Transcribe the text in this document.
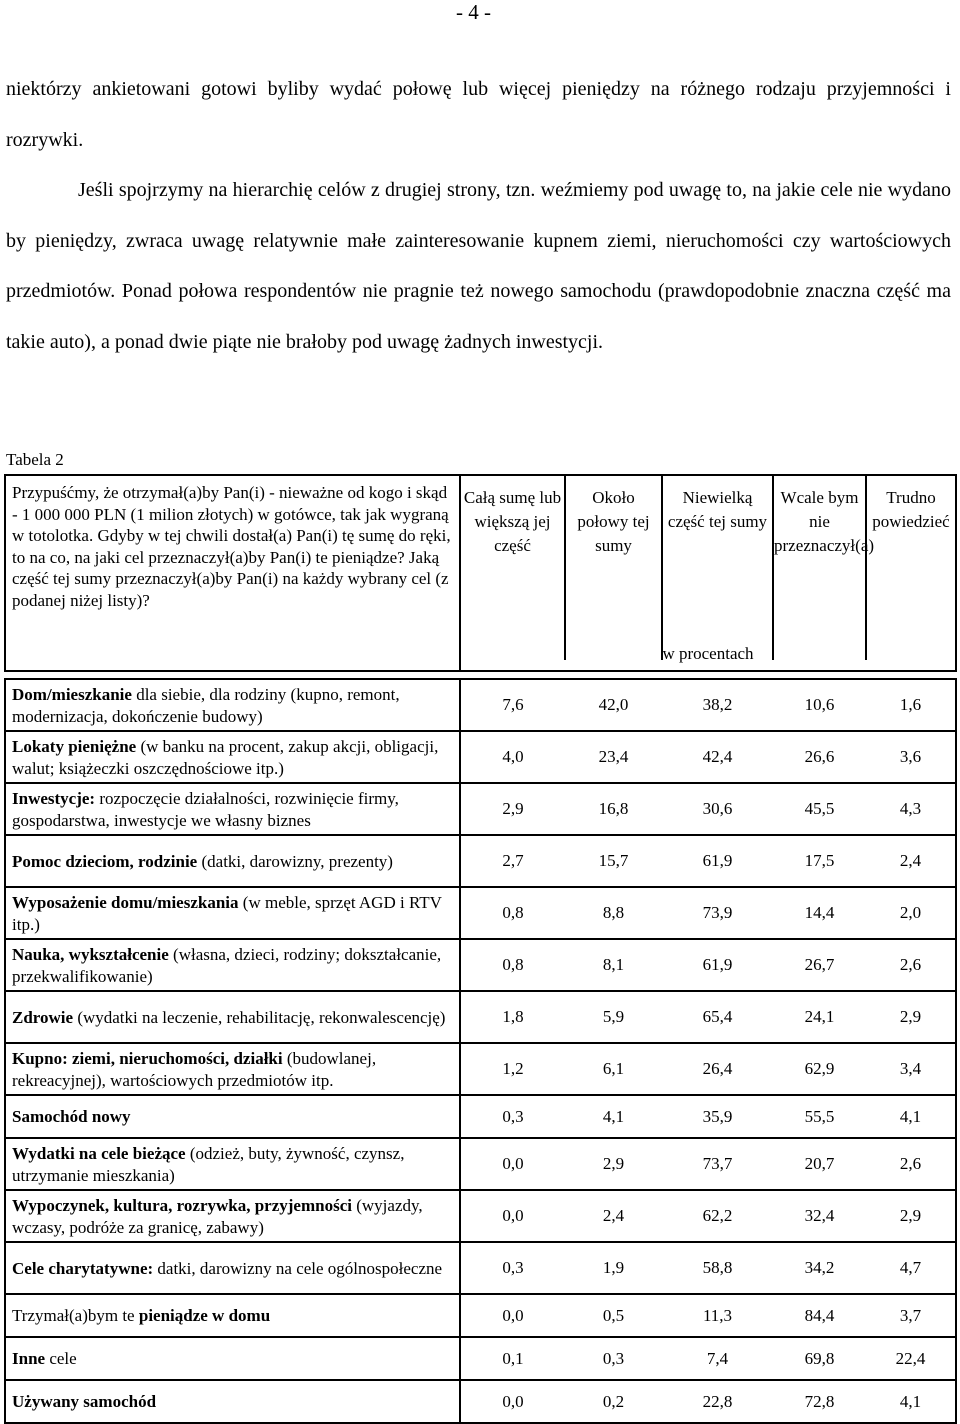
- 4 -

niektórzy ankietowani gotowi byliby wydać połowę lub więcej pieniędzy na różnego rodzaju przyjemności i rozrywki.

Jeśli spojrzymy na hierarchię celów z drugiej strony, tzn. weźmiemy pod uwagę to, na jakie cele nie wydano by pieniędzy, zwraca uwagę relatywnie małe zainteresowanie kupnem ziemi, nieruchomości czy wartościowych przedmiotów. Ponad połowa respondentów nie pragnie też nowego samochodu (prawdopodobnie znaczna część ma takie auto), a ponad dwie piąte nie brałoby pod uwagę żadnych inwestycji.

Tabela 2
Przypuśćmy, że otrzymał(a)by Pan(i) - nieważne od kogo i skąd - 1 000 000 PLN (1 milion złotych) w gotówce, tak jak wygraną w totolotka. Gdyby w tej chwili dostał(a) Pan(i) tę sumę do ręki, to na co, na jaki cel przeznaczył(a)by Pan(i) te pieniądze? Jaką część tej sumy przeznaczył(a)by Pan(i) na każdy wybrany cel (z podanej niżej listy)?	Całą sumę lub większą jej część	Około połowy tej sumy	Niewielką część tej sumy	Wcale bym nie przeznaczył(a)	Trudno powiedzieć

	w procentach				

Dom/mieszkanie dla siebie, dla rodziny (kupno, remont, modernizacja, dokończenie budowy)	7,6	42,0	38,2	10,6	1,6
Lokaty pieniężne (w banku na procent, zakup akcji, obligacji, walut; książeczki oszczędnościowe itp.)	4,0	23,4	42,4	26,6	3,6
Inwestycje: rozpoczęcie działalności, rozwinięcie firmy, gospodarstwa, inwestycje we własny biznes	2,9	16,8	30,6	45,5	4,3
Pomoc dzieciom, rodzinie (datki, darowizny, prezenty)	2,7	15,7	61,9	17,5	2,4
Wyposażenie domu/mieszkania (w meble, sprzęt AGD i RTV itp.)	0,8	8,8	73,9	14,4	2,0
Nauka, wykształcenie (własna, dzieci, rodziny; dokształcanie, przekwalifikowanie)	0,8	8,1	61,9	26,7	2,6
Zdrowie (wydatki na leczenie, rehabilitację, rekonwalescencję)	1,8	5,9	65,4	24,1	2,9
Kupno: ziemi, nieruchomości, działki (budowlanej, rekreacyjnej), wartościowych przedmiotów itp.	1,2	6,1	26,4	62,9	3,4
Samochód nowy	0,3	4,1	35,9	55,5	4,1
Wydatki na cele bieżące (odzież, buty, żywność, czynsz, utrzymanie mieszkania)	0,0	2,9	73,7	20,7	2,6
Wypoczynek, kultura, rozrywka, przyjemności (wyjazdy, wczasy, podróże za granicę, zabawy)	0,0	2,4	62,2	32,4	2,9
Cele charytatywne: datki, darowizny na cele ogólnospołeczne	0,3	1,9	58,8	34,2	4,7
Trzymał(a)bym te pieniądze w domu	0,0	0,5	11,3	84,4	3,7
Inne cele	0,1	0,3	7,4	69,8	22,4
Używany samochód	0,0	0,2	22,8	72,8	4,1
